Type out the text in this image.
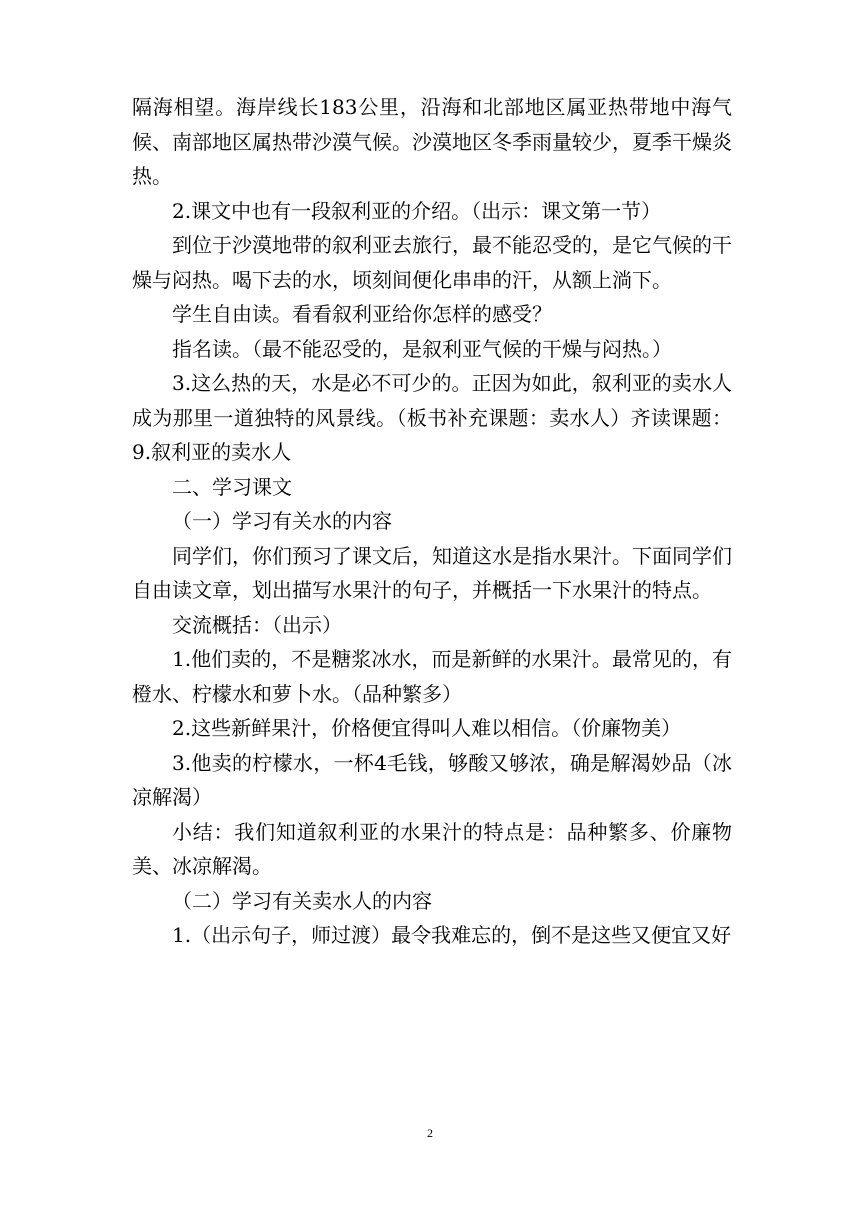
隔海相望。海岸线长183公里，沿海和北部地区属亚热带地中海气候、南部地区属热带沙漠气候。沙漠地区冬季雨量较少，夏季干燥炎热。

2.课文中也有一段叙利亚的介绍。（出示：课文第一节）

到位于沙漠地带的叙利亚去旅行，最不能忍受的，是它气候的干燥与闷热。喝下去的水，顷刻间便化串串的汗，从额上淌下。

学生自由读。看看叙利亚给你怎样的感受？

指名读。（最不能忍受的，是叙利亚气候的干燥与闷热。）

3.这么热的天，水是必不可少的。正因为如此，叙利亚的卖水人成为那里一道独特的风景线。（板书补充课题：卖水人）齐读课题：9.叙利亚的卖水人

二、学习课文

（一）学习有关水的内容

同学们，你们预习了课文后，知道这水是指水果汁。下面同学们自由读文章，划出描写水果汁的句子，并概括一下水果汁的特点。

交流概括：（出示）

1.他们卖的，不是糖浆冰水，而是新鲜的水果汁。最常见的，有橙水、柠檬水和萝卜水。（品种繁多）

2.这些新鲜果汁，价格便宜得叫人难以相信。（价廉物美）

3.他卖的柠檬水，一杯4毛钱，够酸又够浓，确是解渴妙品（冰凉解渴）

小结：我们知道叙利亚的水果汁的特点是：品种繁多、价廉物美、冰凉解渴。

（二）学习有关卖水人的内容

1.（出示句子，师过渡）最令我难忘的，倒不是这些又便宜又好

2
